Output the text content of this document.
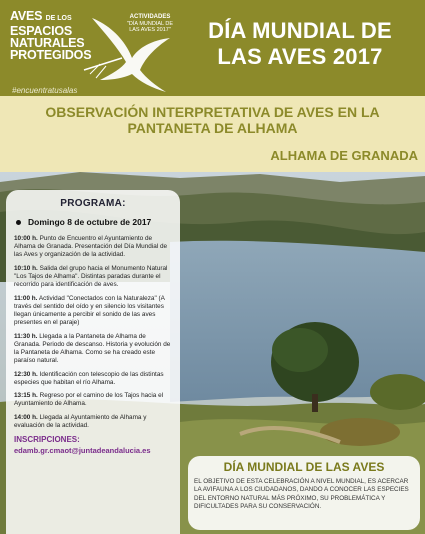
AVES DE LOS
ESPACIOS
NATURALES
PROTEGIDOS
ACTIVIDADES
"DÍA MUNDIAL DE LAS AVES 2017"
#encuentratusalas
DÍA MUNDIAL DE
LAS AVES 2017
OBSERVACIÓN INTERPRETATIVA DE AVES EN LA PANTANETA DE ALHAMA
ALHAMA DE GRANADA
PROGRAMA:
Domingo 8 de octubre de 2017
10:00 h. Punto de Encuentro el Ayuntamiento de Alhama de Granada. Presentación del Día Mundial de las Aves y organización de la actividad.
10:10 h. Salida del grupo hacia el Monumento Natural "Los Tajos de Alhama". Distintas paradas durante el recorrido para identificación de aves.
11:00 h. Actividad "Conectados con la Naturaleza" (A través del sentido del oído y en silencio los visitantes llegan únicamente a percibir el sonido de las aves presentes en el paraje)
11:30 h. Llegada a la Pantaneta de Alhama de Granada. Periodo de descanso. Historia y evolución de la Pantaneta de Alhama. Como se ha creado este paraíso natural.
12:30 h. Identificación con telescopio de las distintas especies que habitan el río Alhama.
13:15 h. Regreso por el camino de los Tajos hacia el Ayuntamiento de Alhama.
14:00 h. Llegada al Ayuntamiento de Alhama y evaluación de la actividad.
INSCRIPCIONES:
edamb.gr.cmaot@juntadeandalucia.es
DÍA MUNDIAL DE LAS AVES
EL OBJETIVO DE ESTA CELEBRACIÓN A NIVEL MUNDIAL, ES ACERCAR LA AVIFAUNA A LOS CIUDADANOS, DANDO A CONOCER LAS ESPECIES DEL ENTORNO NATURAL MÁS PRÓXIMO, SU PROBLEMÁTICA Y DIFICULTADES PARA SU CONSERVACIÓN.
